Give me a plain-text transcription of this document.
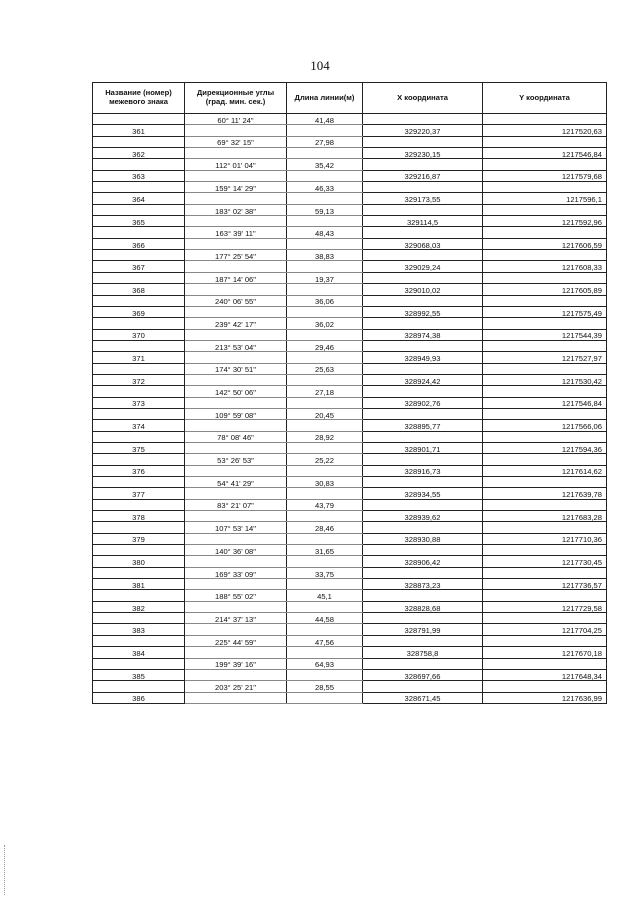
104
Название (номер) межевого знака	Дирекционные углы (град. мин. сек.)	Длина линии(м)	X координата	Y координата
	60° 11' 24"	41,48		
361			329220,37	1217520,63
	69° 32' 15"	27,98		
362			329230,15	1217546,84
	112° 01' 04"	35,42		
363			329216,87	1217579,68
	159° 14' 29"	46,33		
364			329173,55	1217596,1
	183° 02' 38"	59,13		
365			329114,5	1217592,96
	163° 39' 11"	48,43		
366			329068,03	1217606,59
	177° 25' 54"	38,83		
367			329029,24	1217608,33
	187° 14' 06"	19,37		
368			329010,02	1217605,89
	240° 06' 55"	36,06		
369			328992,55	1217575,49
	239° 42' 17"	36,02		
370			328974,38	1217544,39
	213° 53' 04"	29,46		
371			328949,93	1217527,97
	174° 30' 51"	25,63		
372			328924,42	1217530,42
	142° 50' 06"	27,18		
373			328902,76	1217546,84
	109° 59' 08"	20,45		
374			328895,77	1217566,06
	78° 08' 46"	28,92		
375			328901,71	1217594,36
	53° 26' 53"	25,22		
376			328916,73	1217614,62
	54° 41' 29"	30,83		
377			328934,55	1217639,78
	83° 21' 07"	43,79		
378			328939,62	1217683,28
	107° 53' 14"	28,46		
379			328930,88	1217710,36
	140° 36' 08"	31,65		
380			328906,42	1217730,45
	169° 33' 09"	33,75		
381			328873,23	1217736,57
	188° 55' 02"	45,1		
382			328828,68	1217729,58
	214° 37' 13"	44,58		
383			328791,99	1217704,25
	225° 44' 59"	47,56		
384			328758,8	1217670,18
	199° 39' 16"	64,93		
385			328697,66	1217648,34
	203° 25' 21"	28,55		
386			328671,45	1217636,99
